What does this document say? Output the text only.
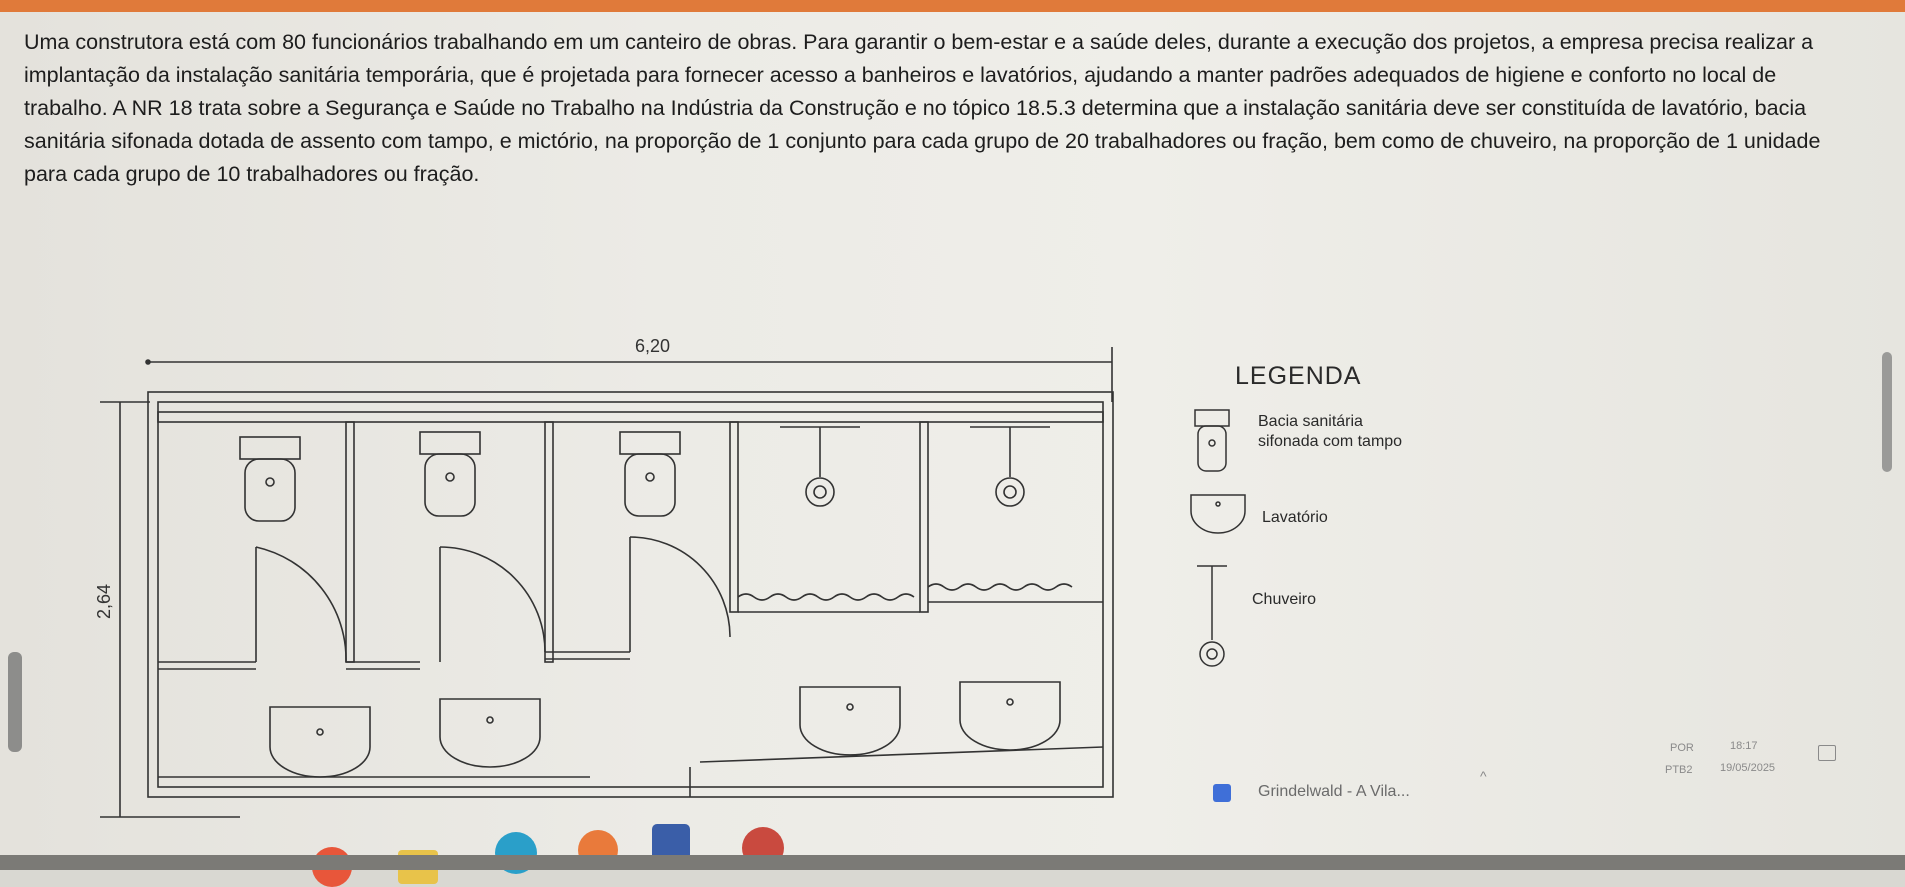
Uma construtora está com 80 funcionários trabalhando em um canteiro de obras. Para garantir o bem-estar e a saúde deles, durante a execução dos projetos, a empresa precisa realizar a implantação da instalação sanitária temporária, que é projetada para fornecer acesso a banheiros e lavatórios, ajudando a manter padrões adequados de higiene e conforto no local de trabalho. A NR 18 trata sobre a Segurança e Saúde no Trabalho na Indústria da Construção e no tópico 18.5.3 determina que a instalação sanitária deve ser constituída de lavatório, bacia sanitária sifonada dotada de assento com tampo, e mictório, na proporção de 1 conjunto para cada grupo de 20 trabalhadores ou fração, bem como de chuveiro, na proporção de 1 unidade para cada grupo de 10 trabalhadores ou fração.
6,20
2,64
LEGENDA
Bacia sanitária
sifonada com tampo
Lavatório
Chuveiro
Grindelwald - A Vila...
^
POR
PTB2
18:17
19/05/2025
